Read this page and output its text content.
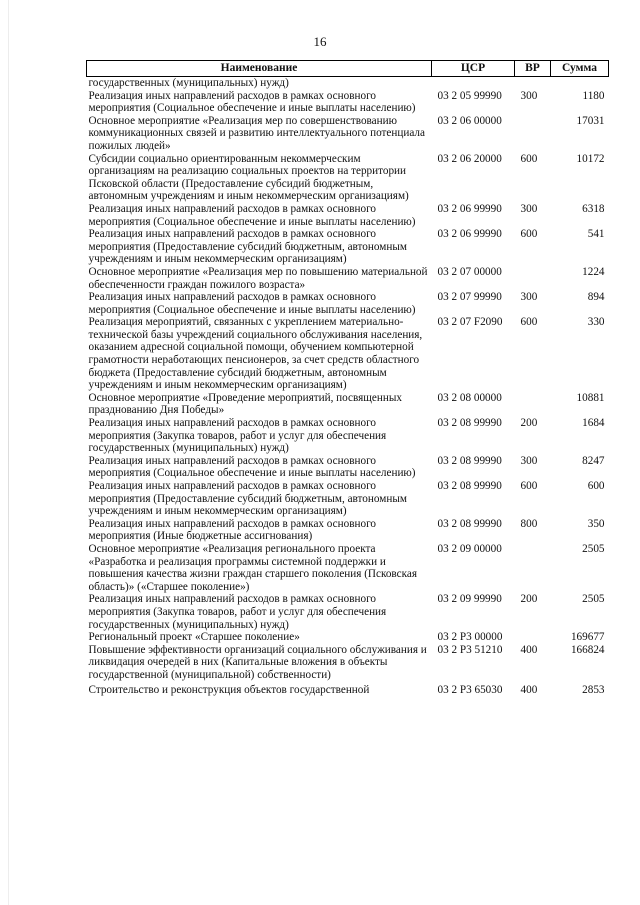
16
Наименование	ЦСР	ВР	Сумма
государственных (муниципальных) нужд)			
Реализация иных направлений расходов в рамках основного мероприятия (Социальное обеспечение и иные выплаты населению)	03 2 05 99990	300	1180
Основное мероприятие «Реализация мер по совершенствованию коммуникационных связей и развитию интеллектуального потенциала пожилых людей»	03 2 06 00000		17031
Субсидии социально ориентированным некоммерческим организациям на реализацию социальных проектов на территории Псковской области (Предоставление субсидий бюджетным, автономным учреждениям и иным некоммерческим организациям)	03 2 06 20000	600	10172
Реализация иных направлений расходов в рамках основного мероприятия (Социальное обеспечение и иные выплаты населению)	03 2 06 99990	300	6318
Реализация иных направлений расходов в рамках основного мероприятия (Предоставление субсидий бюджетным, автономным учреждениям и иным некоммерческим организациям)	03 2 06 99990	600	541
Основное мероприятие «Реализация мер по повышению материальной обеспеченности граждан пожилого возраста»	03 2 07 00000		1224
Реализация иных направлений расходов в рамках основного мероприятия (Социальное обеспечение и иные выплаты населению)	03 2 07 99990	300	894
Реализация мероприятий, связанных с укреплением материально-технической базы учреждений социального обслуживания населения, оказанием адресной социальной помощи, обучением компьютерной грамотности неработающих пенсионеров, за счет средств областного бюджета (Предоставление субсидий бюджетным, автономным учреждениям и иным некоммерческим организациям)	03 2 07 F2090	600	330
Основное мероприятие «Проведение мероприятий, посвященных празднованию Дня Победы»	03 2 08 00000		10881
Реализация иных направлений расходов в рамках основного мероприятия (Закупка товаров, работ и услуг для обеспечения государственных (муниципальных) нужд)	03 2 08 99990	200	1684
Реализация иных направлений расходов в рамках основного мероприятия (Социальное обеспечение и иные выплаты населению)	03 2 08 99990	300	8247
Реализация иных направлений расходов в рамках основного мероприятия (Предоставление субсидий бюджетным, автономным учреждениям и иным некоммерческим организациям)	03 2 08 99990	600	600
Реализация иных направлений расходов в рамках основного мероприятия (Иные бюджетные ассигнования)	03 2 08 99990	800	350
Основное мероприятие «Реализация регионального проекта «Разработка и реализация программы системной поддержки и повышения качества жизни граждан старшего поколения (Псковская область)» («Старшее поколение»)	03 2 09 00000		2505
Реализация иных направлений расходов в рамках основного мероприятия (Закупка товаров, работ и услуг для обеспечения государственных (муниципальных) нужд)	03 2 09 99990	200	2505
Региональный проект «Старшее поколение»	03 2 P3 00000		169677
Повышение эффективности организаций социального обслуживания и ликвидация очередей в них (Капитальные вложения в объекты государственной (муниципальной) собственности)	03 2 P3 51210	400	166824
Строительство и реконструкция объектов государственной	03 2 P3 65030	400	2853
